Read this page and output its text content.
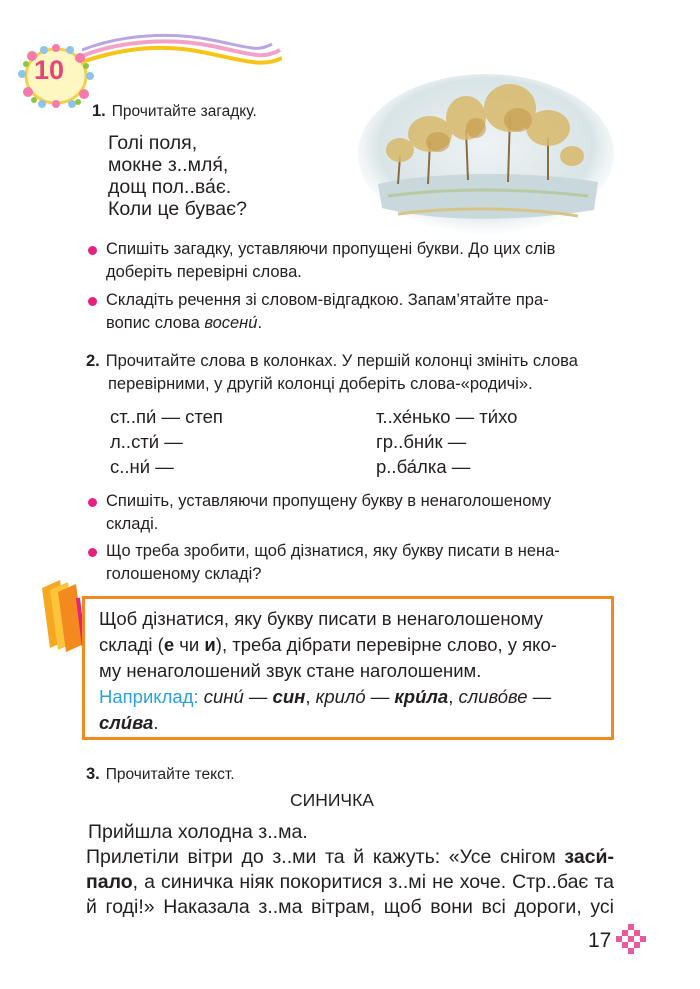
10
1. Прочитайте загадку.
Голі поля,
мокне з..мля́,
дощ пол..ва́є.
Коли це буває?
Спишіть загадку, уставляючи пропущені букви. До цих слів
доберіть перевірні слова.
Складіть речення зі словом-відгадкою. Запам’ятайте пра-
вопис слова восени́.
2. Прочитайте слова в колонках. У першій колонці змініть слова
перевірними, у другій колонці доберіть слова-«родичі».
ст..пи́ — степ
л..сти́ —
с..ни́ —
т..хе́нько — ти́хо
гр..бни́к —
р..ба́лка —
Спишіть, уставляючи пропущену букву в ненаголошеному
складі.
Що треба зробити, щоб дізнатися, яку букву писати в нена-
голошеному складі?
Щоб дізнатися, яку букву писати в ненаголошеному
складі (е чи и), треба дібрати перевірне слово, у яко-
му ненаголошений звук стане наголошеним.
Наприклад: сини́ — син, крило́ — кри́ла, сливо́ве —
сли́ва.
3. Прочитайте текст.
СИНИЧКА
Прийшла холодна з..ма.
Прилетіли вітри до з..ми та й кажуть: «Усе снігом заси́-
пало, а синичка ніяк покоритися з..мі не хоче. Стр..бає та
й годі!» Наказала з..ма вітрам, щоб вони всі дороги, усі
17
